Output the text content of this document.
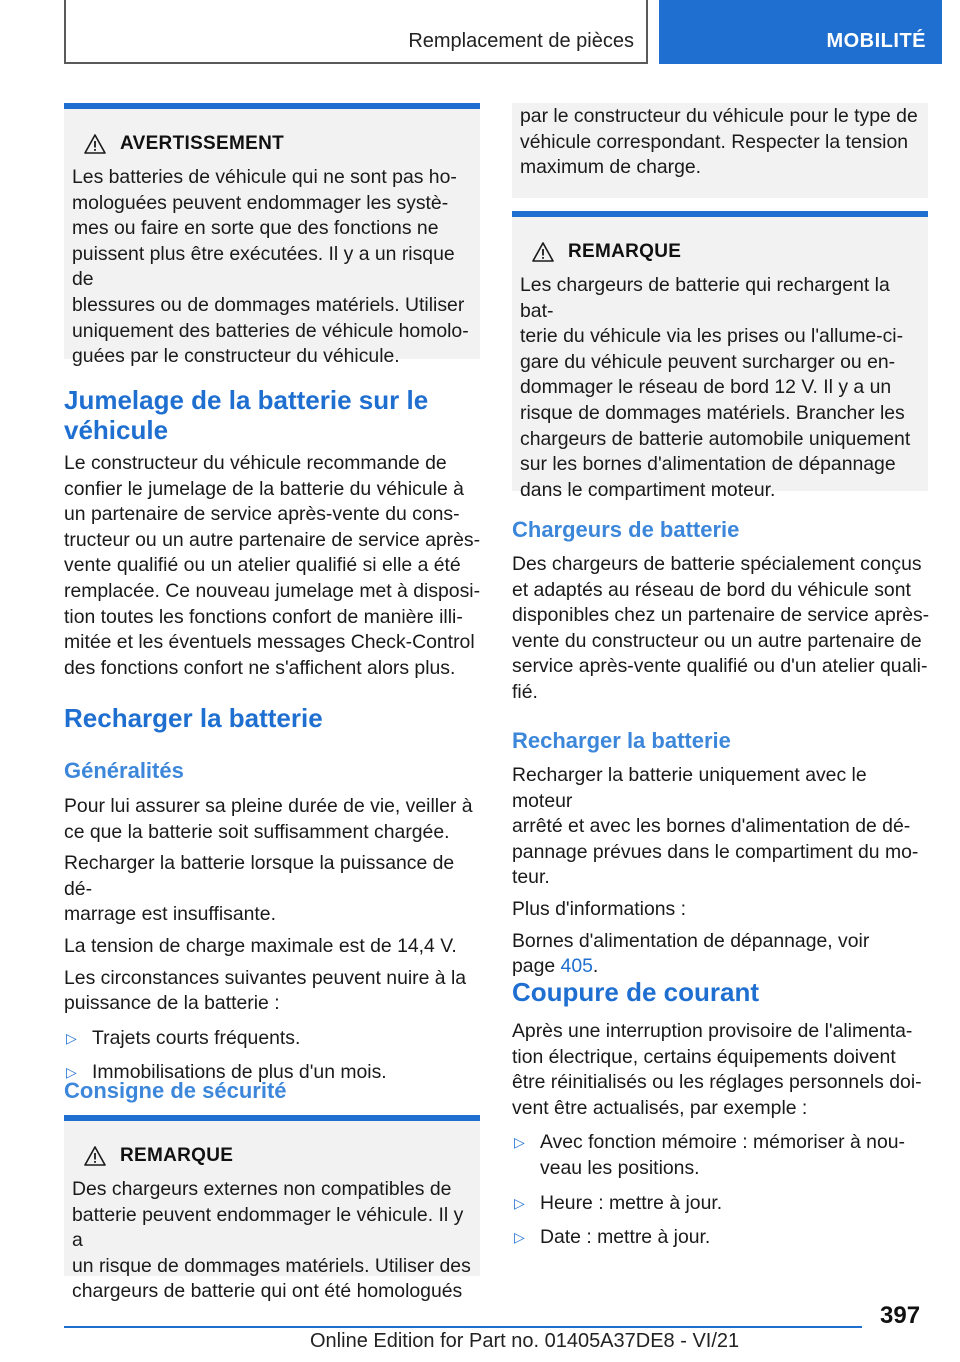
Remplacement de pièces	MOBILITÉ
AVERTISSEMENT

Les batteries de véhicule qui ne sont pas ho-
mologuées peuvent endommager les systè-
mes ou faire en sorte que des fonctions ne
puissent plus être exécutées. Il y a un risque de
blessures ou de dommages matériels. Utiliser
uniquement des batteries de véhicule homolo-
guées par le constructeur du véhicule.

Jumelage de la batterie sur le
véhicule

Le constructeur du véhicule recommande de
confier le jumelage de la batterie du véhicule à
un partenaire de service après-vente du cons-
tructeur ou un autre partenaire de service après-
vente qualifié ou un atelier qualifié si elle a été
remplacée. Ce nouveau jumelage met à disposi-
tion toutes les fonctions confort de manière illi-
mitée et les éventuels messages Check-Control
des fonctions confort ne s'affichent alors plus.

Recharger la batterie
Généralités

Pour lui assurer sa pleine durée de vie, veiller à
ce que la batterie soit suffisamment chargée.

Recharger la batterie lorsque la puissance de dé-
marrage est insuffisante.

La tension de charge maximale est de 14,4 V.

Les circonstances suivantes peuvent nuire à la
puissance de la batterie :

▷ Trajets courts fréquents.

▷ Immobilisations de plus d'un mois.

Consigne de sécurité
REMARQUE

Des chargeurs externes non compatibles de
batterie peuvent endommager le véhicule. Il y a
un risque de dommages matériels. Utiliser des
chargeurs de batterie qui ont été homologués

par le constructeur du véhicule pour le type de
véhicule correspondant. Respecter la tension
maximum de charge.

REMARQUE

Les chargeurs de batterie qui rechargent la bat-
terie du véhicule via les prises ou l'allume-ci-
gare du véhicule peuvent surcharger ou en-
dommager le réseau de bord 12 V. Il y a un
risque de dommages matériels. Brancher les
chargeurs de batterie automobile uniquement
sur les bornes d'alimentation de dépannage
dans le compartiment moteur.

Chargeurs de batterie

Des chargeurs de batterie spécialement conçus
et adaptés au réseau de bord du véhicule sont
disponibles chez un partenaire de service après-
vente du constructeur ou un autre partenaire de
service après-vente qualifié ou d'un atelier quali-
fié.

Recharger la batterie

Recharger la batterie uniquement avec le moteur
arrêté et avec les bornes d'alimentation de dé-
pannage prévues dans le compartiment du mo-
teur.

Plus d'informations :

Bornes d'alimentation de dépannage, voir
page 405.

Coupure de courant

Après une interruption provisoire de l'alimenta-
tion électrique, certains équipements doivent
être réinitialisés ou les réglages personnels doi-
vent être actualisés, par exemple :

▷ Avec fonction mémoire : mémoriser à nou-
veau les positions.

▷ Heure : mettre à jour.

▷ Date : mettre à jour.

397
Online Edition for Part no. 01405A37DE8 - VI/21
